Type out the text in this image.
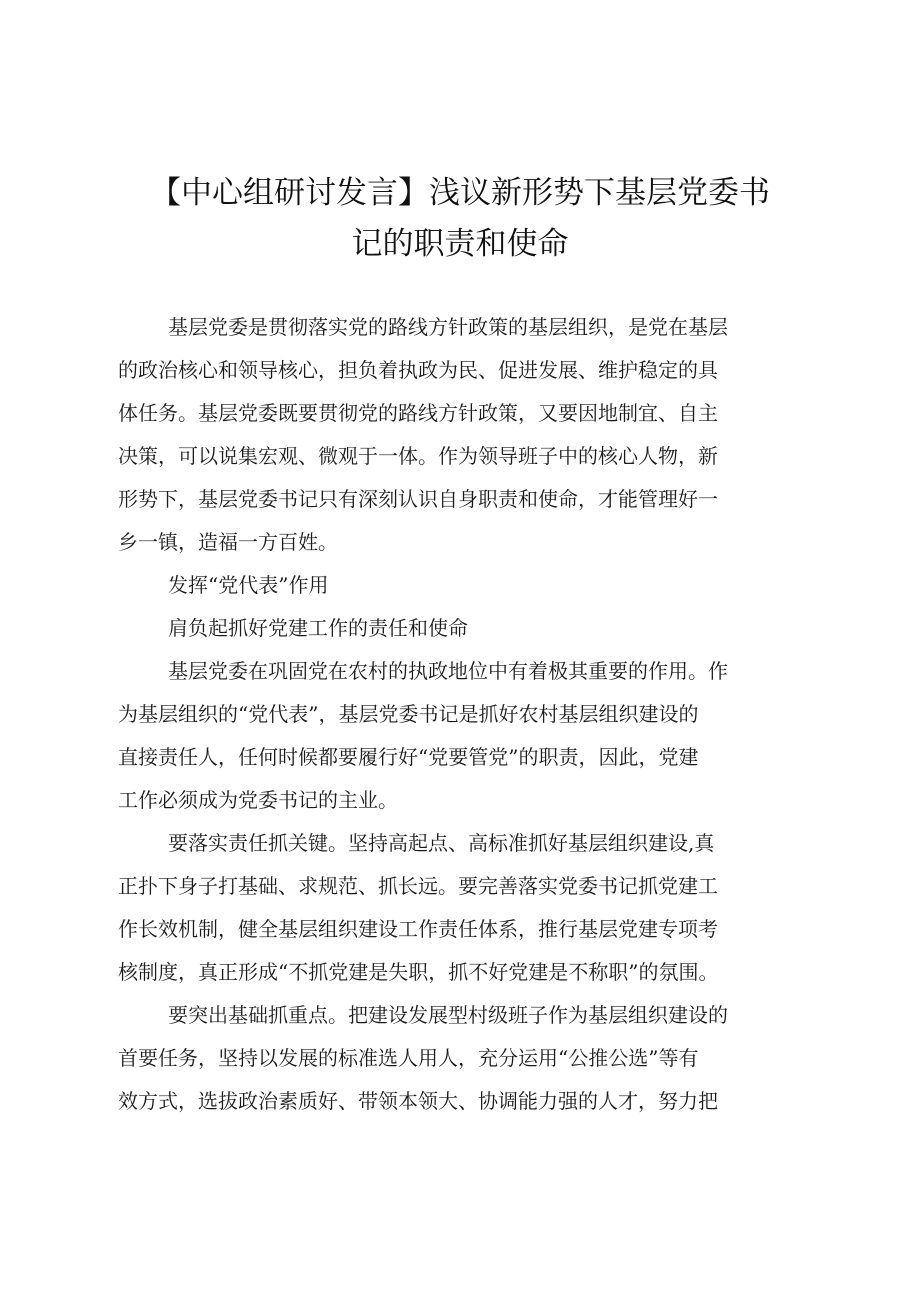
【中心组研讨发言】浅议新形势下基层党委书
记的职责和使命
基层党委是贯彻落实党的路线方针政策的基层组织，是党在基层
的政治核心和领导核心，担负着执政为民、促进发展、维护稳定的具
体任务。基层党委既要贯彻党的路线方针政策，又要因地制宜、自主
决策，可以说集宏观、微观于一体。作为领导班子中的核心人物，新
形势下，基层党委书记只有深刻认识自身职责和使命，才能管理好一
乡一镇，造福一方百姓。
发挥“党代表”作用
肩负起抓好党建工作的责任和使命
基层党委在巩固党在农村的执政地位中有着极其重要的作用。作
为基层组织的“党代表”，基层党委书记是抓好农村基层组织建设的
直接责任人，任何时候都要履行好“党要管党”的职责，因此，党建
工作必须成为党委书记的主业。
要落实责任抓关键。坚持高起点、高标准抓好基层组织建设,真
正扑下身子打基础、求规范、抓长远。要完善落实党委书记抓党建工
作长效机制，健全基层组织建设工作责任体系，推行基层党建专项考
核制度，真正形成“不抓党建是失职，抓不好党建是不称职”的氛围。
要突出基础抓重点。把建设发展型村级班子作为基层组织建设的
首要任务，坚持以发展的标准选人用人，充分运用“公推公选”等有
效方式，选拔政治素质好、带领本领大、协调能力强的人才，努力把
